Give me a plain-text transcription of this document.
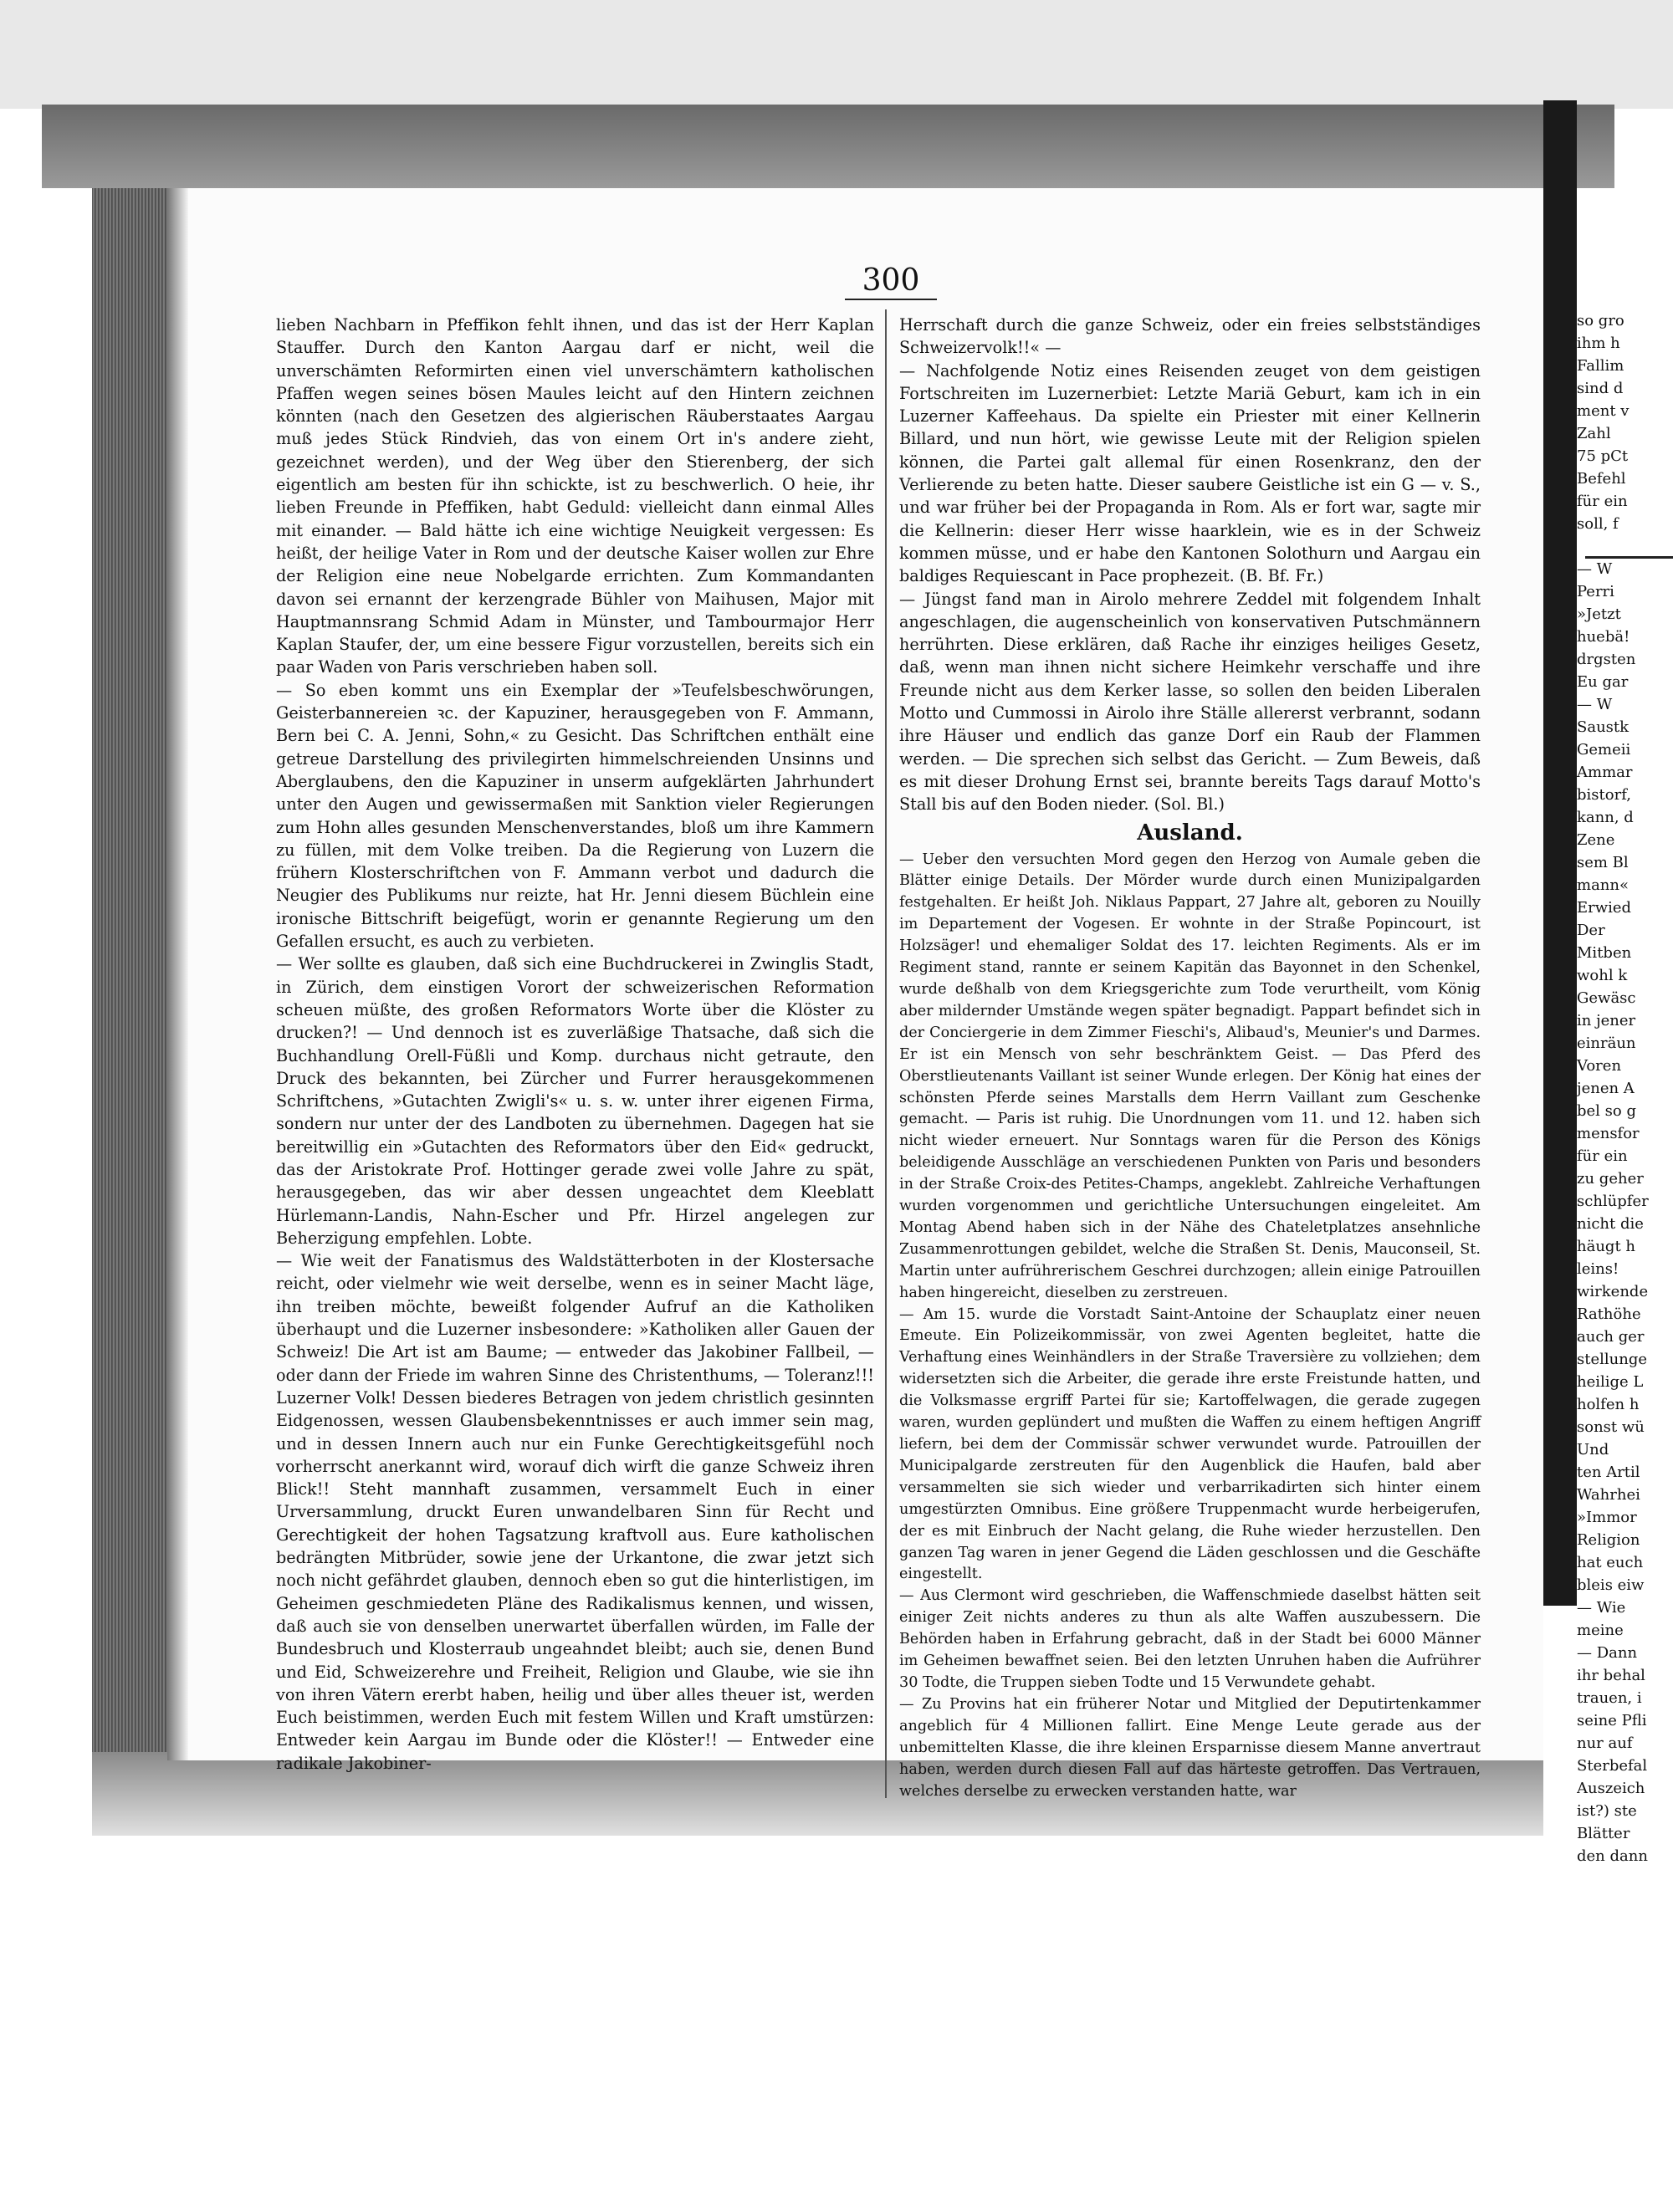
300

lieben Nachbarn in Pfeffikon fehlt ihnen, und das ist der Herr Kaplan Stauffer. Durch den Kanton Aargau darf er nicht, weil die unverschämten Reformirten einen viel unverschämtern katholischen Pfaffen wegen seines bösen Maules leicht auf den Hintern zeichnen könnten (nach den Gesetzen des algierischen Räuberstaates Aargau muß jedes Stück Rindvieh, das von einem Ort in's andere zieht, gezeichnet werden), und der Weg über den Stierenberg, der sich eigentlich am besten für ihn schickte, ist zu beschwerlich. O heie, ihr lieben Freunde in Pfeffiken, habt Geduld: vielleicht dann einmal Alles mit einander. — Bald hätte ich eine wichtige Neuigkeit vergessen: Es heißt, der heilige Vater in Rom und der deutsche Kaiser wollen zur Ehre der Religion eine neue Nobelgarde errichten. Zum Kommandanten davon sei ernannt der kerzengrade Bühler von Maihusen, Major mit Hauptmannsrang Schmid Adam in Münster, und Tambourmajor Herr Kaplan Staufer, der, um eine bessere Figur vorzustellen, bereits sich ein paar Waden von Paris verschrieben haben soll.

— So eben kommt uns ein Exemplar der »Teufelsbeschwörungen, Geisterbannereien ꝛc. der Kapuziner, herausgegeben von F. Ammann, Bern bei C. A. Jenni, Sohn,« zu Gesicht. Das Schriftchen enthält eine getreue Darstellung des privilegirten himmelschreienden Unsinns und Aberglaubens, den die Kapuziner in unserm aufgeklärten Jahrhundert unter den Augen und gewissermaßen mit Sanktion vieler Regierungen zum Hohn alles gesunden Menschenverstandes, bloß um ihre Kammern zu füllen, mit dem Volke treiben. Da die Regierung von Luzern die frühern Klosterschriftchen von F. Ammann verbot und dadurch die Neugier des Publikums nur reizte, hat Hr. Jenni diesem Büchlein eine ironische Bittschrift beigefügt, worin er genannte Regierung um den Gefallen ersucht, es auch zu verbieten.

— Wer sollte es glauben, daß sich eine Buchdruckerei in Zwinglis Stadt, in Zürich, dem einstigen Vorort der schweizerischen Reformation scheuen müßte, des großen Reformators Worte über die Klöster zu drucken?! — Und dennoch ist es zuverläßige Thatsache, daß sich die Buchhandlung Orell-Füßli und Komp. durchaus nicht getraute, den Druck des bekannten, bei Zürcher und Furrer herausgekommenen Schriftchens, »Gutachten Zwigli's« u. s. w. unter ihrer eigenen Firma, sondern nur unter der des Landboten zu übernehmen. Dagegen hat sie bereitwillig ein »Gutachten des Reformators über den Eid« gedruckt, das der Aristokrate Prof. Hottinger gerade zwei volle Jahre zu spät, herausgegeben, das wir aber dessen ungeachtet dem Kleeblatt Hürlemann-Landis, Nahn-Escher und Pfr. Hirzel angelegen zur Beherzigung empfehlen. Lobte.

— Wie weit der Fanatismus des Waldstätterboten in der Klostersache reicht, oder vielmehr wie weit derselbe, wenn es in seiner Macht läge, ihn treiben möchte, beweißt folgender Aufruf an die Katholiken überhaupt und die Luzerner insbesondere: »Katholiken aller Gauen der Schweiz! Die Art ist am Baume; — entweder das Jakobiner Fallbeil, — oder dann der Friede im wahren Sinne des Christenthums, — Toleranz!!! Luzerner Volk! Dessen biederes Betragen von jedem christlich gesinnten Eidgenossen, wessen Glaubensbekenntnisses er auch immer sein mag, und in dessen Innern auch nur ein Funke Gerechtigkeitsgefühl noch vorherrscht anerkannt wird, worauf dich wirft die ganze Schweiz ihren Blick!! Steht mannhaft zusammen, versammelt Euch in einer Urversammlung, druckt Euren unwandelbaren Sinn für Recht und Gerechtigkeit der hohen Tagsatzung kraftvoll aus. Eure katholischen bedrängten Mitbrüder, sowie jene der Urkantone, die zwar jetzt sich noch nicht gefährdet glauben, dennoch eben so gut die hinterlistigen, im Geheimen geschmiedeten Pläne des Radikalismus kennen, und wissen, daß auch sie von denselben unerwartet überfallen würden, im Falle der Bundesbruch und Klosterraub ungeahndet bleibt; auch sie, denen Bund und Eid, Schweizerehre und Freiheit, Religion und Glaube, wie sie ihn von ihren Vätern ererbt haben, heilig und über alles theuer ist, werden Euch beistimmen, werden Euch mit festem Willen und Kraft umstürzen: Entweder kein Aargau im Bunde oder die Klöster!! — Entweder eine radikale Jakobiner-

Herrschaft durch die ganze Schweiz, oder ein freies selbstständiges Schweizervolk!!« —

— Nachfolgende Notiz eines Reisenden zeuget von dem geistigen Fortschreiten im Luzernerbiet: Letzte Mariä Geburt, kam ich in ein Luzerner Kaffeehaus. Da spielte ein Priester mit einer Kellnerin Billard, und nun hört, wie gewisse Leute mit der Religion spielen können, die Partei galt allemal für einen Rosenkranz, den der Verlierende zu beten hatte. Dieser saubere Geistliche ist ein G — v. S., und war früher bei der Propaganda in Rom. Als er fort war, sagte mir die Kellnerin: dieser Herr wisse haarklein, wie es in der Schweiz kommen müsse, und er habe den Kantonen Solothurn und Aargau ein baldiges Requiescant in Pace prophezeit. (B. Bf. Fr.)

— Jüngst fand man in Airolo mehrere Zeddel mit folgendem Inhalt angeschlagen, die augenscheinlich von konservativen Putschmännern herrührten. Diese erklären, daß Rache ihr einziges heiliges Gesetz, daß, wenn man ihnen nicht sichere Heimkehr verschaffe und ihre Freunde nicht aus dem Kerker lasse, so sollen den beiden Liberalen Motto und Cummossi in Airolo ihre Ställe allererst verbrannt, sodann ihre Häuser und endlich das ganze Dorf ein Raub der Flammen werden. — Die sprechen sich selbst das Gericht. — Zum Beweis, daß es mit dieser Drohung Ernst sei, brannte bereits Tags darauf Motto's Stall bis auf den Boden nieder. (Sol. Bl.)

Ausland.

— Ueber den versuchten Mord gegen den Herzog von Aumale geben die Blätter einige Details. Der Mörder wurde durch einen Munizipalgarden festgehalten. Er heißt Joh. Niklaus Pappart, 27 Jahre alt, geboren zu Nouilly im Departement der Vogesen. Er wohnte in der Straße Popincourt, ist Holzsäger! und ehemaliger Soldat des 17. leichten Regiments. Als er im Regiment stand, rannte er seinem Kapitän das Bayonnet in den Schenkel, wurde deßhalb von dem Kriegsgerichte zum Tode verurtheilt, vom König aber mildernder Umstände wegen später begnadigt. Pappart befindet sich in der Conciergerie in dem Zimmer Fieschi's, Alibaud's, Meunier's und Darmes. Er ist ein Mensch von sehr beschränktem Geist. — Das Pferd des Oberstlieutenants Vaillant ist seiner Wunde erlegen. Der König hat eines der schönsten Pferde seines Marstalls dem Herrn Vaillant zum Geschenke gemacht. — Paris ist ruhig. Die Unordnungen vom 11. und 12. haben sich nicht wieder erneuert. Nur Sonntags waren für die Person des Königs beleidigende Ausschläge an verschiedenen Punkten von Paris und besonders in der Straße Croix-des Petites-Champs, angeklebt. Zahlreiche Verhaftungen wurden vorgenommen und gerichtliche Untersuchungen eingeleitet. Am Montag Abend haben sich in der Nähe des Chateletplatzes ansehnliche Zusammenrottungen gebildet, welche die Straßen St. Denis, Mauconseil, St. Martin unter aufrührerischem Geschrei durchzogen; allein einige Patrouillen haben hingereicht, dieselben zu zerstreuen.

— Am 15. wurde die Vorstadt Saint-Antoine der Schauplatz einer neuen Emeute. Ein Polizeikommissär, von zwei Agenten begleitet, hatte die Verhaftung eines Weinhändlers in der Straße Traversière zu vollziehen; dem widersetzten sich die Arbeiter, die gerade ihre erste Freistunde hatten, und die Volksmasse ergriff Partei für sie; Kartoffelwagen, die gerade zugegen waren, wurden geplündert und mußten die Waffen zu einem heftigen Angriff liefern, bei dem der Commissär schwer verwundet wurde. Patrouillen der Municipalgarde zerstreuten für den Augenblick die Haufen, bald aber versammelten sie sich wieder und verbarrikadirten sich hinter einem umgestürzten Omnibus. Eine größere Truppenmacht wurde herbeigerufen, der es mit Einbruch der Nacht gelang, die Ruhe wieder herzustellen. Den ganzen Tag waren in jener Gegend die Läden geschlossen und die Geschäfte eingestellt.

— Aus Clermont wird geschrieben, die Waffenschmiede daselbst hätten seit einiger Zeit nichts anderes zu thun als alte Waffen auszubessern. Die Behörden haben in Erfahrung gebracht, daß in der Stadt bei 6000 Männer im Geheimen bewaffnet seien. Bei den letzten Unruhen haben die Aufrührer 30 Todte, die Truppen sieben Todte und 15 Verwundete gehabt.

— Zu Provins hat ein früherer Notar und Mitglied der Deputirtenkammer angeblich für 4 Millionen fallirt. Eine Menge Leute gerade aus der unbemittelten Klasse, die ihre kleinen Ersparnisse diesem Manne anvertraut haben, werden durch diesen Fall auf das härteste getroffen. Das Vertrauen, welches derselbe zu erwecken verstanden hatte, war

so gro
ihm h
Fallim
sind d
ment v
Zahl
75 pCt
Befehl
für ein
soll, f
— W
Perri
»Jetzt
huebä!
drgsten
Eu gar
— W
Saustk
Gemeii
Ammar
bistorf,
kann, d
Zene
sem Bl
mann«
Erwied
Der
Mitben
wohl k
Gewäsc
in jener
einräun
Voren
jenen A
bel so g
mensfor
für ein
zu geher
schlüpfer
nicht die
häugt h
leins!
wirkende
Rathöhe
auch ger
stellunge
heilige L
holfen h
sonst wü
Und
ten Artil
Wahrhei
»Immor
Religion
hat euch
bleis eiw
— Wie
meine
— Dann
ihr behal
trauen, i
seine Pfli
nur auf
Sterbefal
Auszeich
ist?) ste
Blätter
den dann
